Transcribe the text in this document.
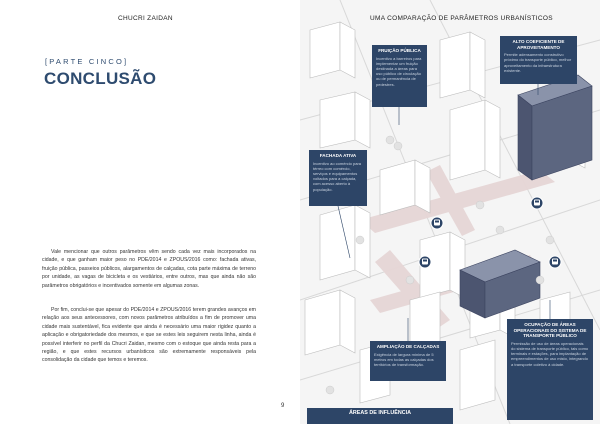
CHUCRI ZAIDAN
[PARTE CINCO]
CONCLUSÃO

Vale mencionar que outros parâmetros vêm sendo cada vez mais incorporados na cidade, e que ganham maior peso no PDE/2014 e ZPOUS/2016 como: fachada ativas, fruição pública, passeios públicos, alargamentos de calçadas, cota parte máxima de terreno por unidade, as vagas de bicicleta e os vestiários, entre outros, mas que ainda não são parâmetros obrigatórios e incentivados somente em algumas zonas.

Por fim, conclui-se que apesar do PDE/2014 e ZPOUS/2016 terem grandes avanços em relação aos seus antecessores, com novos parâmetros atribuídos a fim de promover uma cidade mais sustentável, fica evidente que ainda é necessário uma maior rigidez quanto a aplicação e obrigatoriedade dos mesmos, e que se estes leis seguirem nesta linha, ainda é possível interferir no perfil da Chucri Zaidan, mesmo com o estoque que ainda resta para a região, e que estes recursos urbanísticos são extremamente responsáveis pela consolidação da cidade que temos e teremos.

9
UMA COMPARAÇÃO DE PARÂMETROS URBANÍSTICOS
FRUIÇÃO PÚBLICA
Incentivo a barreiros para implementar um fruição destinada a áreas para uso público de circulação ou de permanência de pedestres.
ALTO COEFICIENTE DE APROVEITAMENTO
Permite adensamento construtivo próximo do transporte público, melhor aproveitamento da infraestrutura existente.
FACHADA ATIVA
Incentivo ao comércio para térreo com comércio, serviços e equipamentos voltados para a calçada, com acesso aberto à população.
AMPLIAÇÃO DE CALÇADAS
Exigência de largura mínima de 5 metros em todas as calçadas dos territórios de transformação.
OCUPAÇÃO DE ÁREAS OPERACIONAIS DO SISTEMA DE TRANSPORTE PÚBLICO
Permissão de uso de áreas operacionais do sistema de transporte público, tais como terminais e estações, para implantação de empreendimentos de uso misto, integrando a transporte coletivo à cidade.
ÁREAS DE INFLUÊNCIA
